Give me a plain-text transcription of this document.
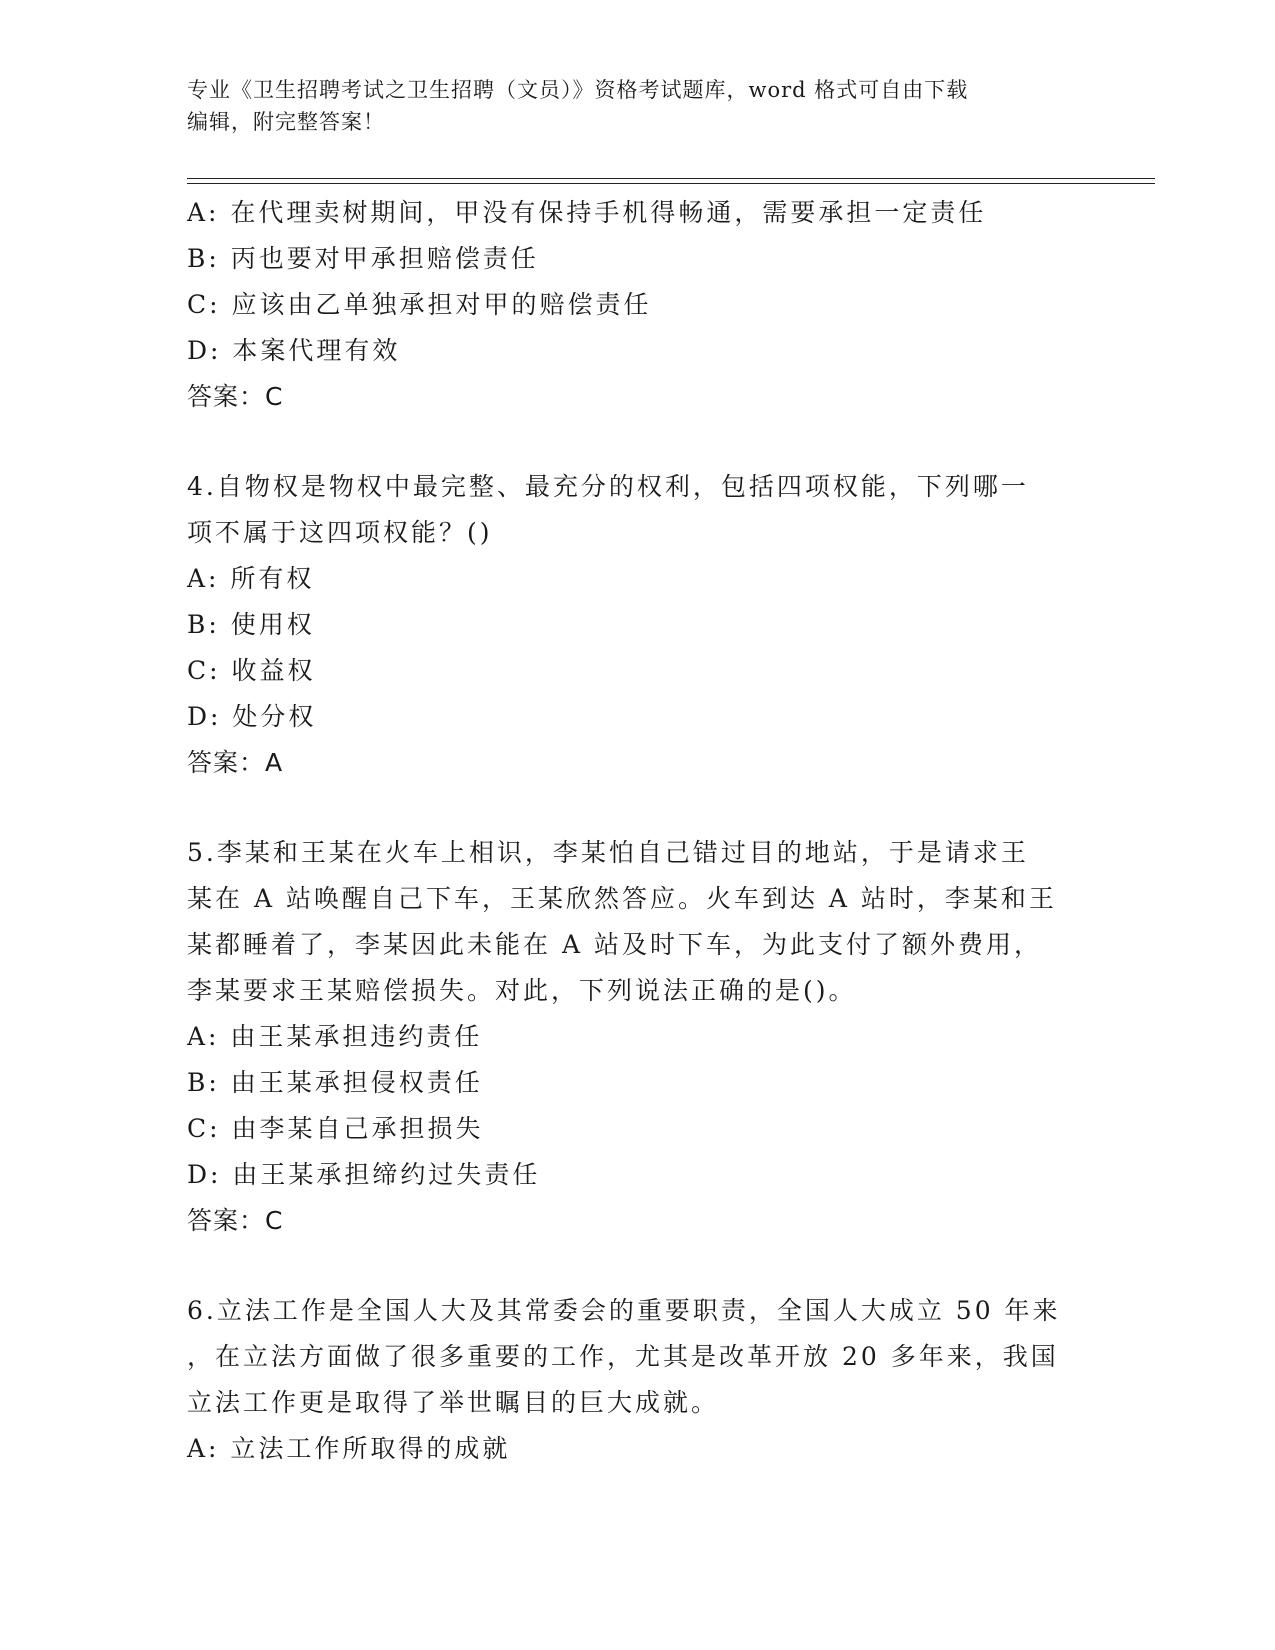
专业《卫生招聘考试之卫生招聘（文员）》资格考试题库，word 格式可自由下载
编辑，附完整答案！
A: 在代理卖树期间，甲没有保持手机得畅通，需要承担一定责任
B: 丙也要对甲承担赔偿责任
C: 应该由乙单独承担对甲的赔偿责任
D: 本案代理有效
答案：C
4.自物权是物权中最完整、最充分的权利，包括四项权能，下列哪一
项不属于这四项权能？()
A: 所有权
B: 使用权
C: 收益权
D: 处分权
答案：A
5.李某和王某在火车上相识，李某怕自己错过目的地站，于是请求王
某在 A 站唤醒自己下车，王某欣然答应。火车到达 A 站时，李某和王
某都睡着了，李某因此未能在 A 站及时下车，为此支付了额外费用，
李某要求王某赔偿损失。对此，下列说法正确的是()。
A: 由王某承担违约责任
B: 由王某承担侵权责任
C: 由李某自己承担损失
D: 由王某承担缔约过失责任
答案：C
6.立法工作是全国人大及其常委会的重要职责，全国人大成立 50 年来
，在立法方面做了很多重要的工作，尤其是改革开放 20 多年来，我国
立法工作更是取得了举世瞩目的巨大成就。
A: 立法工作所取得的成就
